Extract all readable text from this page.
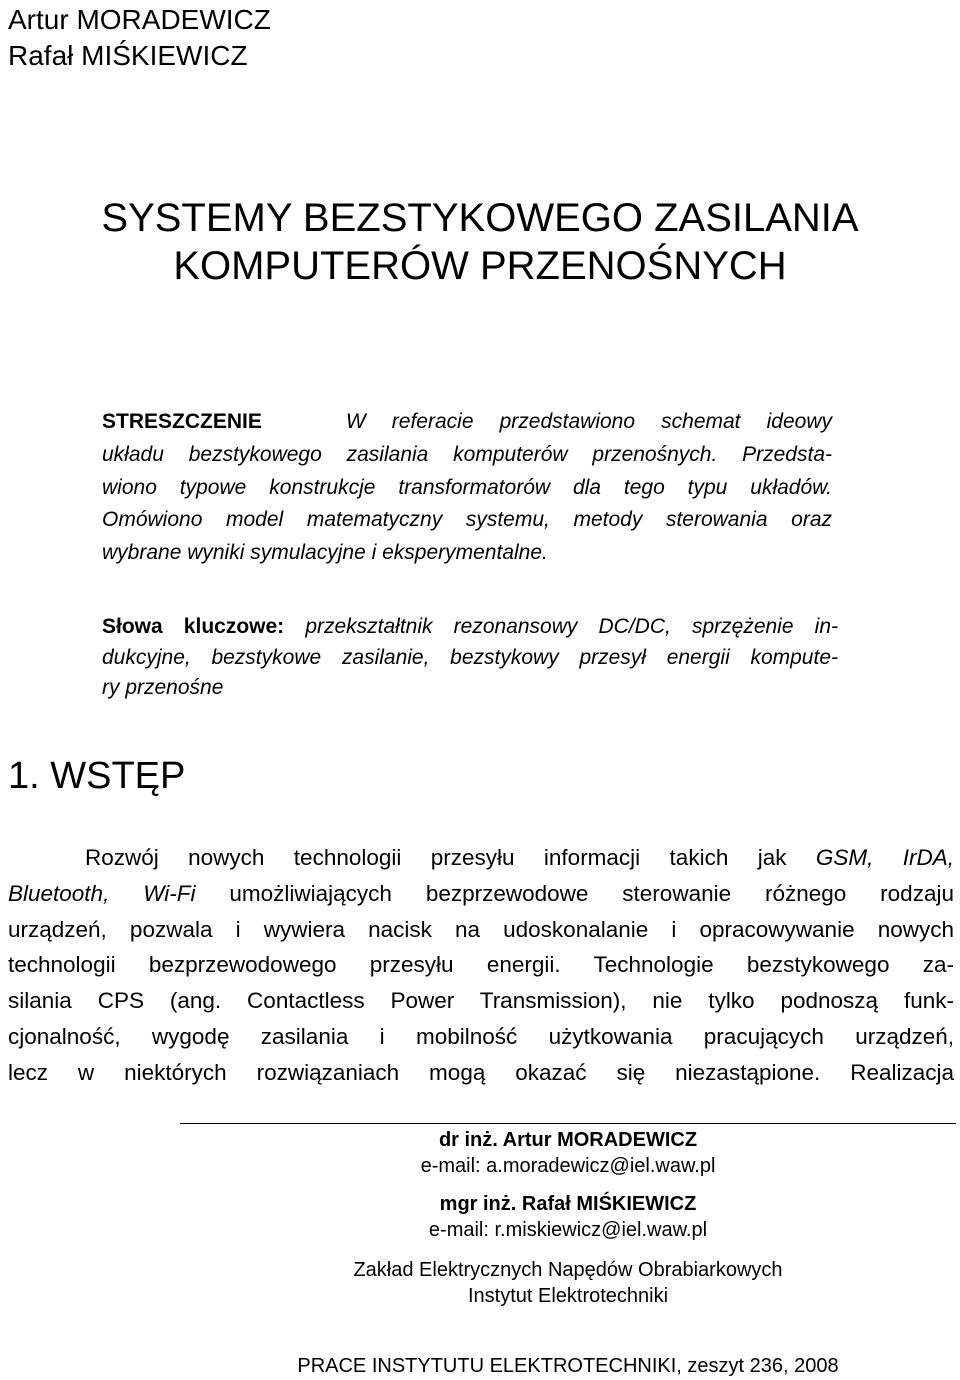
Artur MORADEWICZ
Rafał MIŚKIEWICZ
SYSTEMY BEZSTYKOWEGO ZASILANIA
KOMPUTERÓW PRZENOŚNYCH
STRESZCZENIE	W referacie przedstawiono schemat ideowy
układu bezstykowego zasilania komputerów przenośnych. Przedsta-
wiono typowe konstrukcje transformatorów dla tego typu układów.
Omówiono model matematyczny systemu, metody sterowania oraz
wybrane wyniki symulacyjne i eksperymentalne.
Słowa kluczowe: przekształtnik rezonansowy DC/DC, sprzężenie in-
dukcyjne, bezstykowe zasilanie, bezstykowy przesył energii kompute-
ry przenośne
1. WSTĘP
Rozwój nowych technologii przesyłu informacji takich jak GSM, IrDA,
Bluetooth, Wi-Fi umożliwiających bezprzewodowe sterowanie różnego rodzaju
urządzeń, pozwala i wywiera nacisk na udoskonalanie i opracowywanie nowych
technologii bezprzewodowego przesyłu energii. Technologie bezstykowego za-
silania CPS (ang. Contactless Power Transmission), nie tylko podnoszą funk-
cjonalność, wygodę zasilania i mobilność użytkowania pracujących urządzeń,
lecz w niektórych rozwiązaniach mogą okazać się niezastąpione. Realizacja
dr inż. Artur MORADEWICZ
e-mail: a.moradewicz@iel.waw.pl
mgr inż. Rafał MIŚKIEWICZ
e-mail: r.miskiewicz@iel.waw.pl
Zakład Elektrycznych Napędów Obrabiarkowych
Instytut Elektrotechniki
PRACE INSTYTUTU ELEKTROTECHNIKI, zeszyt 236, 2008
